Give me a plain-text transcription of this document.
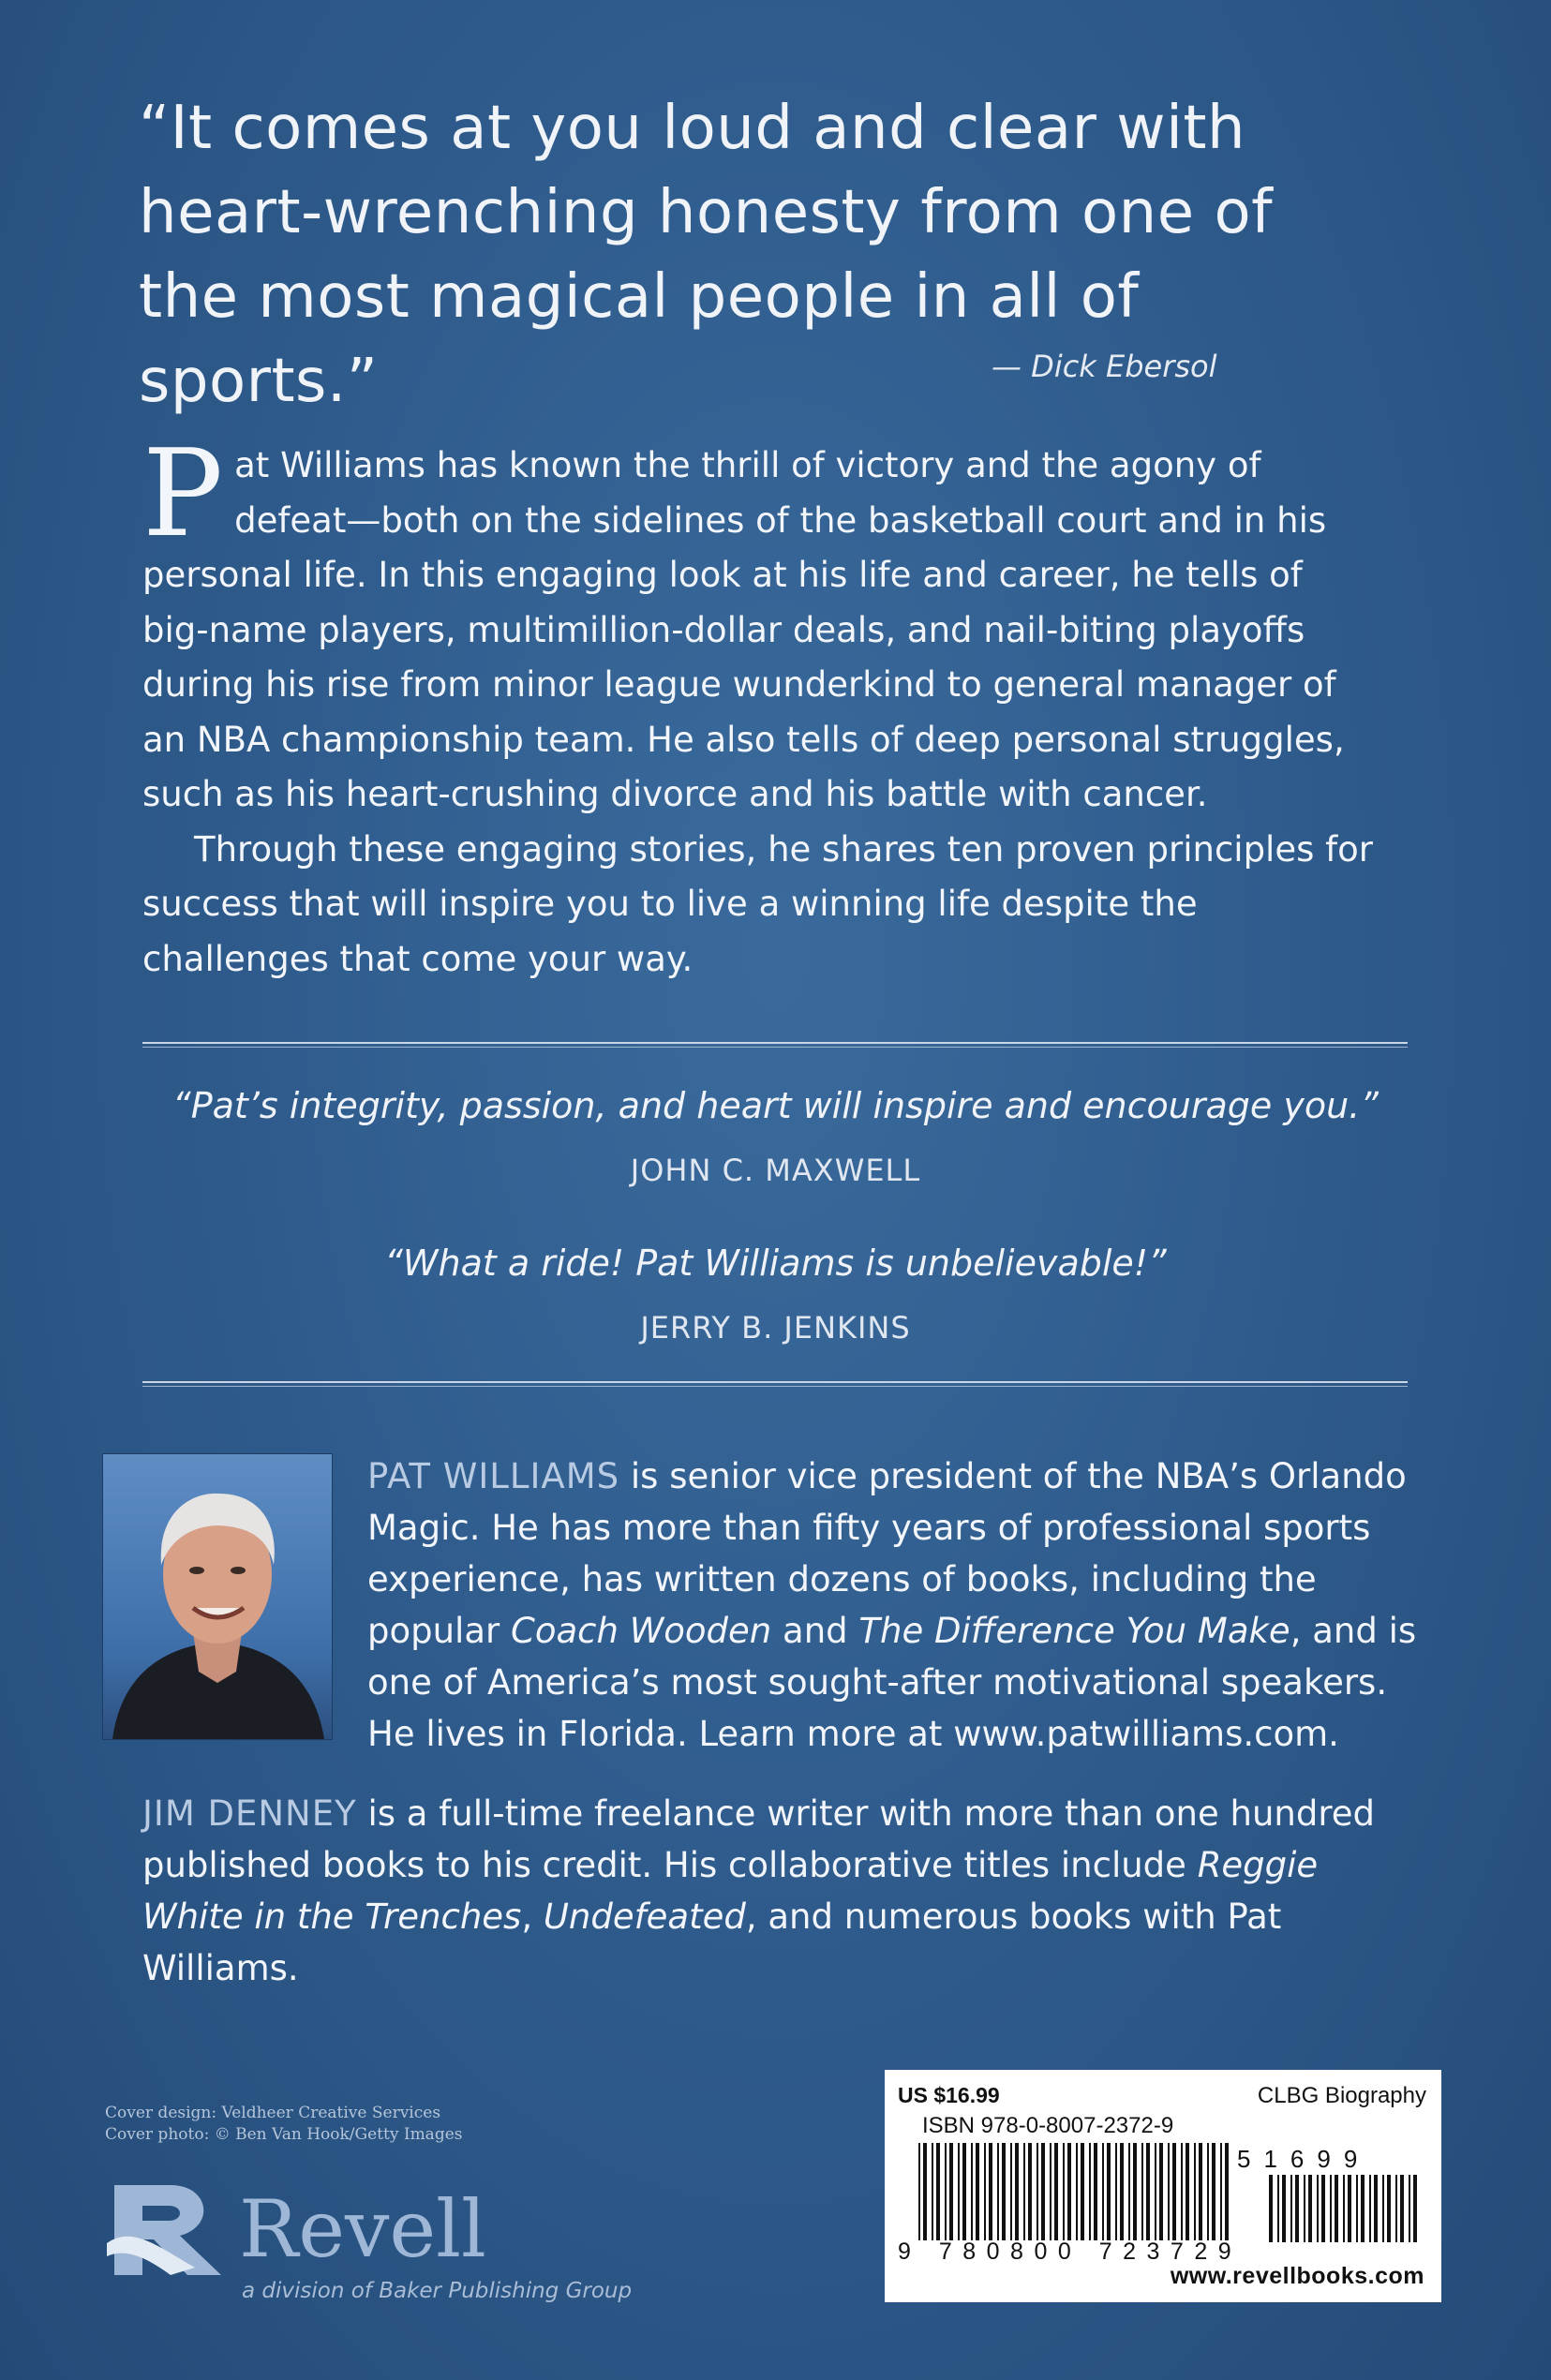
“It comes at you loud and clear with heart-wrenching honesty from one of the most magical people in all of sports.”	— Dick Ebersol

Pat Williams has known the thrill of victory and the agony of defeat—both on the sidelines of the basketball court and in his personal life. In this engaging look at his life and career, he tells of big-name players, multimillion-dollar deals, and nail-biting playoffs during his rise from minor league wunderkind to general manager of an NBA championship team. He also tells of deep personal struggles, such as his heart-crushing divorce and his battle with cancer.

Through these engaging stories, he shares ten proven principles for success that will inspire you to live a winning life despite the challenges that come your way.

“Pat’s integrity, passion, and heart will inspire and encourage you.”
JOHN C. MAXWELL
“What a ride! Pat Williams is unbelievable!”
JERRY B. JENKINS
PAT WILLIAMS is senior vice president of the NBA’s Orlando Magic. He has more than fifty years of professional sports experience, has written dozens of books, including the popular Coach Wooden and The Difference You Make, and is one of America’s most sought-after motivational speakers. He lives in Florida. Learn more at www.patwilliams.com.
JIM DENNEY is a full-time freelance writer with more than one hundred published books to his credit. His collaborative titles include Reggie White in the Trenches, Undefeated, and numerous books with Pat Williams.
Cover design: Veldheer Creative Services
Cover photo: © Ben Van Hook/Getty Images
Revell
a division of Baker Publishing Group
US $16.99	CLBG Biography
ISBN 978-0-8007-2372-9
51699
9 780800 723729
www.revellbooks.com
